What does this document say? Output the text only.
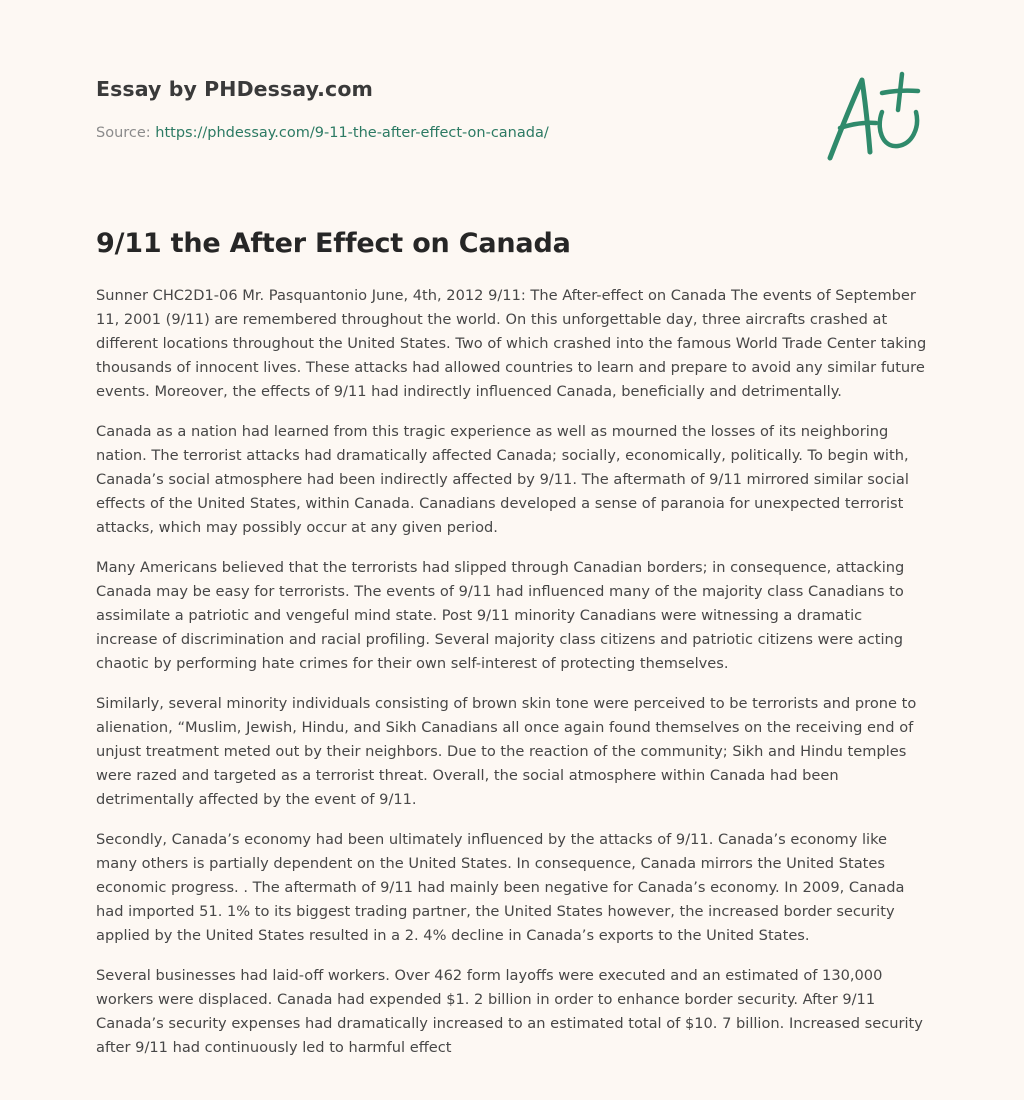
Essay by PHDessay.com
Source: https://phdessay.com/9-11-the-after-effect-on-canada/
9/11 the After Effect on Canada

Sunner CHC2D1-06 Mr. Pasquantonio June, 4th, 2012 9/11: The After-effect on Canada The events of September 11, 2001 (9/11) are remembered throughout the world. On this unforgettable day, three aircrafts crashed at different locations throughout the United States. Two of which crashed into the famous World Trade Center taking thousands of innocent lives. These attacks had allowed countries to learn and prepare to avoid any similar future events. Moreover, the effects of 9/11 had indirectly influenced Canada, beneficially and detrimentally.

Canada as a nation had learned from this tragic experience as well as mourned the losses of its neighboring nation. The terrorist attacks had dramatically affected Canada; socially, economically, politically. To begin with, Canada’s social atmosphere had been indirectly affected by 9/11. The aftermath of 9/11 mirrored similar social effects of the United States, within Canada. Canadians developed a sense of paranoia for unexpected terrorist attacks, which may possibly occur at any given period.

Many Americans believed that the terrorists had slipped through Canadian borders; in consequence, attacking Canada may be easy for terrorists. The events of 9/11 had influenced many of the majority class Canadians to assimilate a patriotic and vengeful mind state. Post 9/11 minority Canadians were witnessing a dramatic increase of discrimination and racial profiling. Several majority class citizens and patriotic citizens were acting chaotic by performing hate crimes for their own self-interest of protecting themselves.

Similarly, several minority individuals consisting of brown skin tone were perceived to be terrorists and prone to alienation, “Muslim, Jewish, Hindu, and Sikh Canadians all once again found themselves on the receiving end of unjust treatment meted out by their neighbors. Due to the reaction of the community; Sikh and Hindu temples were razed and targeted as a terrorist threat. Overall, the social atmosphere within Canada had been detrimentally affected by the event of 9/11.

Secondly, Canada’s economy had been ultimately influenced by the attacks of 9/11. Canada’s economy like many others is partially dependent on the United States. In consequence, Canada mirrors the United States economic progress. . The aftermath of 9/11 had mainly been negative for Canada’s economy. In 2009, Canada had imported 51. 1% to its biggest trading partner, the United States however, the increased border security applied by the United States resulted in a 2. 4% decline in Canada’s exports to the United States.

Several businesses had laid-off workers. Over 462 form layoffs were executed and an estimated of 130,000 workers were displaced. Canada had expended $1. 2 billion in order to enhance border security. After 9/11 Canada’s security expenses had dramatically increased to an estimated total of $10. 7 billion. Increased security after 9/11 had continuously led to harmful effect
